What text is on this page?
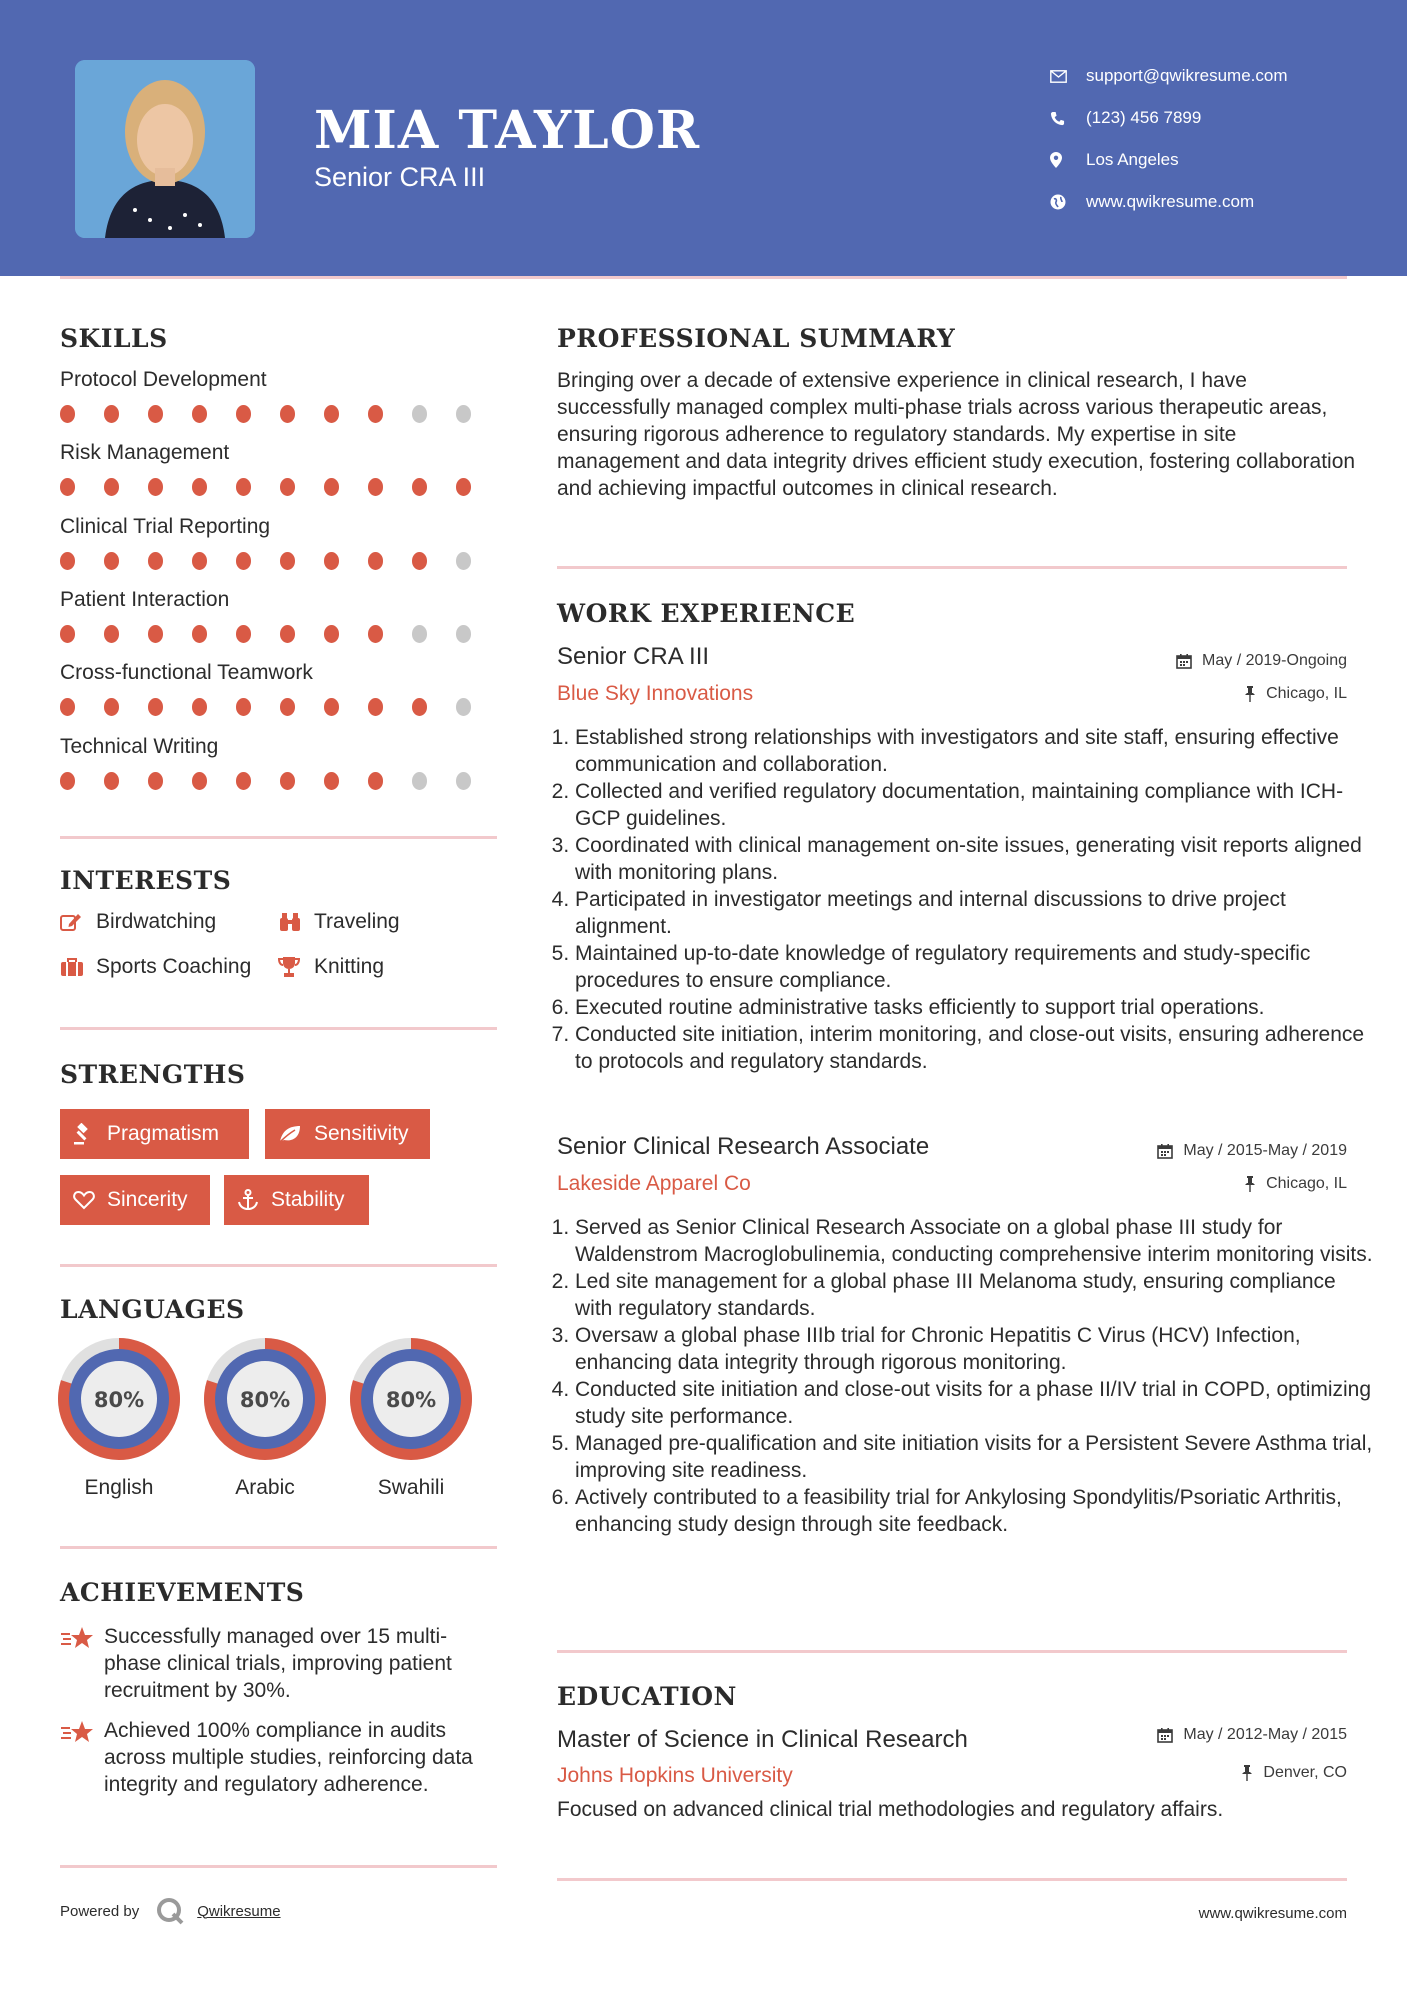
MIA TAYLOR
Senior CRA III
support@qwikresume.com
(123) 456 7899
Los Angeles
www.qwikresume.com
SKILLS
Protocol Development
Risk Management
Clinical Trial Reporting
Patient Interaction
Cross-functional Teamwork
Technical Writing
INTERESTS
Birdwatching	Traveling
Sports Coaching	Knitting
STRENGTHS
Pragmatism	Sensitivity
Sincerity	Stability
LANGUAGES
80%
English
80%
Arabic
80%
Swahili
ACHIEVEMENTS
Successfully managed over 15 multi-phase clinical trials, improving patient recruitment by 30%.
Achieved 100% compliance in audits across multiple studies, reinforcing data integrity and regulatory adherence.
PROFESSIONAL SUMMARY
Bringing over a decade of extensive experience in clinical research, I have successfully managed complex multi-phase trials across various therapeutic areas, ensuring rigorous adherence to regulatory standards. My expertise in site management and data integrity drives efficient study execution, fostering collaboration and achieving impactful outcomes in clinical research.
WORK EXPERIENCE
Senior CRA III	May / 2019-Ongoing
Blue Sky Innovations	Chicago, IL
1. Established strong relationships with investigators and site staff, ensuring effective communication and collaboration.
2. Collected and verified regulatory documentation, maintaining compliance with ICH-GCP guidelines.
3. Coordinated with clinical management on-site issues, generating visit reports aligned with monitoring plans.
4. Participated in investigator meetings and internal discussions to drive project alignment.
5. Maintained up-to-date knowledge of regulatory requirements and study-specific procedures to ensure compliance.
6. Executed routine administrative tasks efficiently to support trial operations.
7. Conducted site initiation, interim monitoring, and close-out visits, ensuring adherence to protocols and regulatory standards.
Senior Clinical Research Associate	May / 2015-May / 2019
Lakeside Apparel Co	Chicago, IL
1. Served as Senior Clinical Research Associate on a global phase III study for Waldenstrom Macroglobulinemia, conducting comprehensive interim monitoring visits.
2. Led site management for a global phase III Melanoma study, ensuring compliance with regulatory standards.
3. Oversaw a global phase IIIb trial for Chronic Hepatitis C Virus (HCV) Infection, enhancing data integrity through rigorous monitoring.
4. Conducted site initiation and close-out visits for a phase II/IV trial in COPD, optimizing study site performance.
5. Managed pre-qualification and site initiation visits for a Persistent Severe Asthma trial, improving site readiness.
6. Actively contributed to a feasibility trial for Ankylosing Spondylitis/Psoriatic Arthritis, enhancing study design through site feedback.
EDUCATION
Master of Science in Clinical Research	May / 2012-May / 2015
Johns Hopkins University	Denver, CO
Focused on advanced clinical trial methodologies and regulatory affairs.
Powered by	Qwikresume	www.qwikresume.com
